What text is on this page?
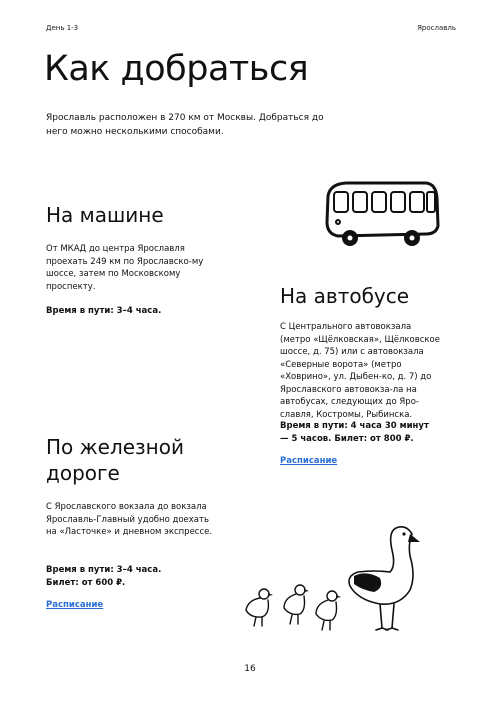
День 1-3	Ярославль
Как добраться
Ярославль расположен в 270 км от Москвы. Добраться до него можно несколькими способами.
На машине
От МКАД до центра Ярославля проехать 249 км по Ярославско-му шоссе, затем по Московскому проспекту.
Время в пути: 3–4 часа.
На автобусе
С Центрального автовокзала (метро «Щёлковская», Щёлковское шоссе, д. 75) или с автовокзала «Северные ворота» (метро «Ховрино», ул. Дыбен-ко, д. 7) до Ярославского автовокза-ла на автобусах, следующих до Яро-славля, Костромы, Рыбинска.
Время в пути: 4 часа 30 минут — 5 часов. Билет: от 800 ₽.
Расписание
По железной дороге
С Ярославского вокзала до вокзала Ярославль-Главный удобно доехать на «Ласточке» и дневном экспрессе.
Время в пути: 3–4 часа. Билет: от 600 ₽.
Расписание
16
